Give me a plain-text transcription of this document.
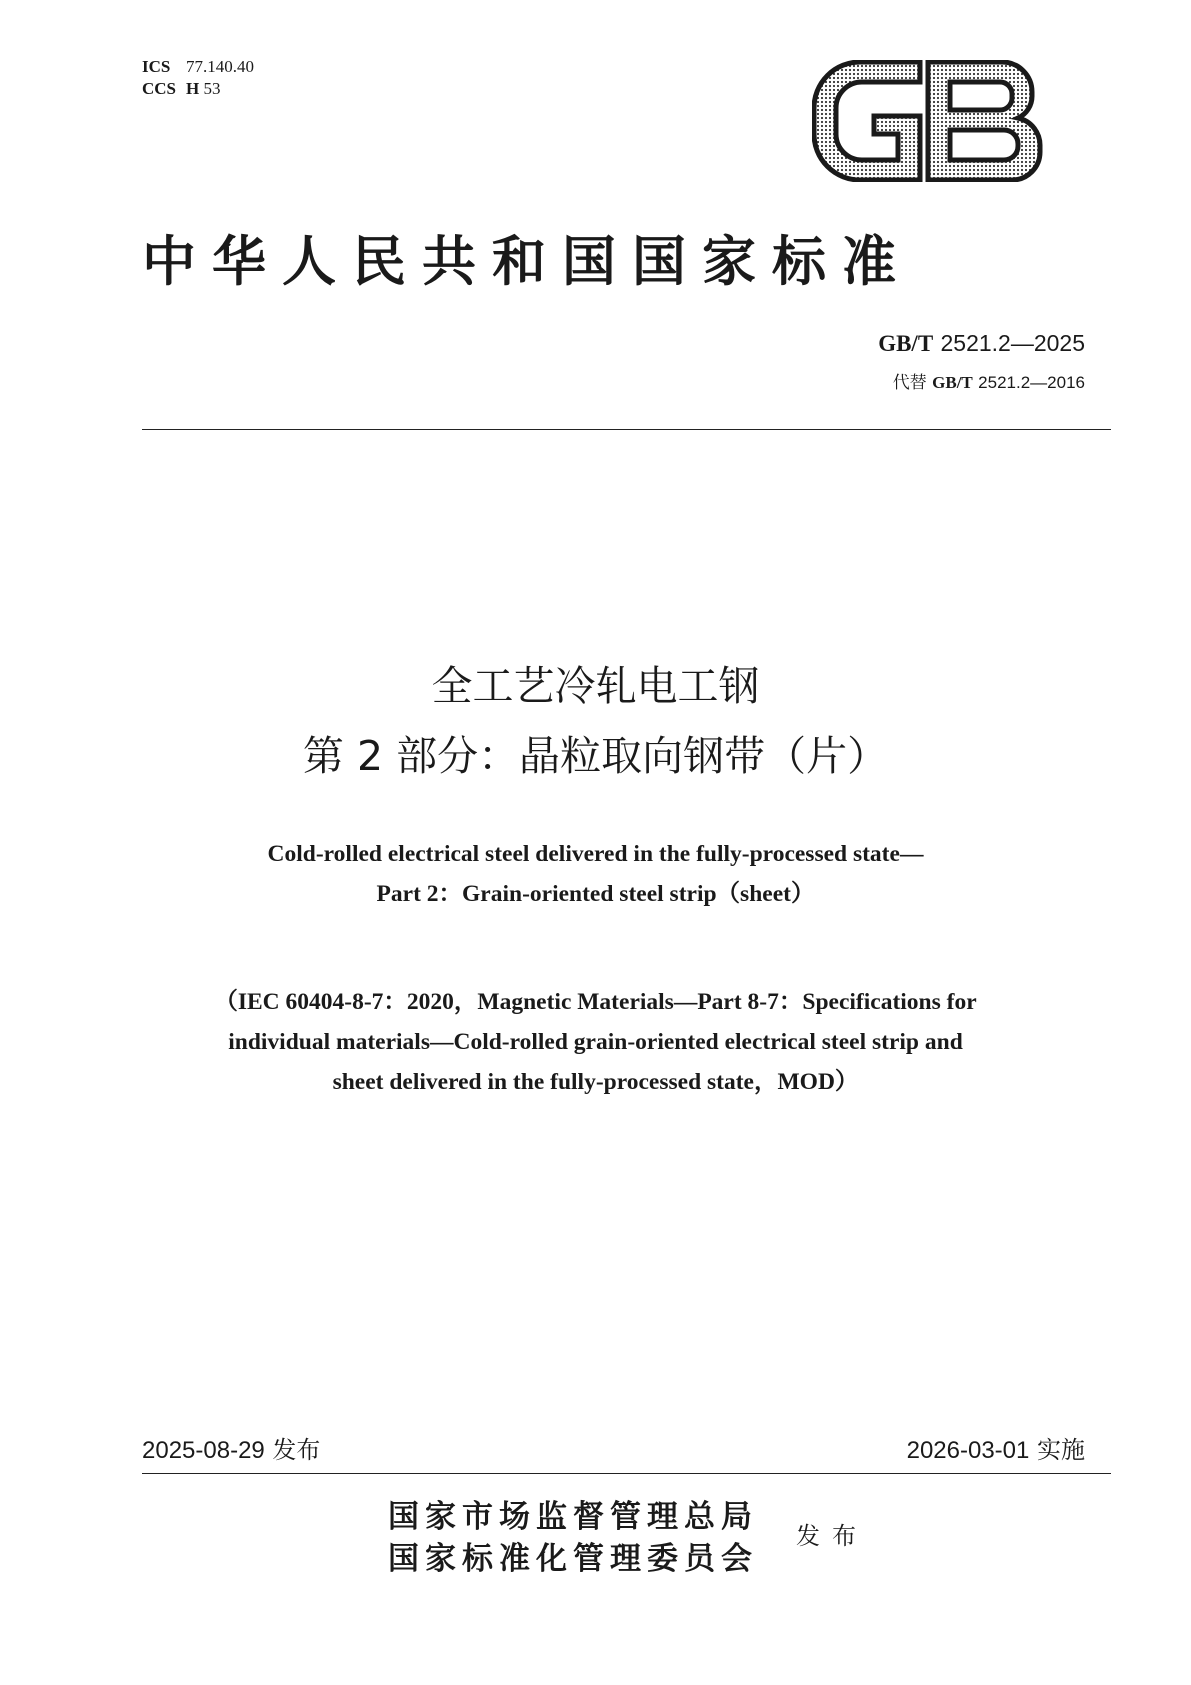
ICS 77.140.40
CCS H 53
中华人民共和国国家标准
GB/T 2521.2—2025
代替 GB/T 2521.2—2016
全工艺冷轧电工钢
第 2 部分：晶粒取向钢带（片）
Cold-rolled electrical steel delivered in the fully-processed state—
Part 2：Grain-oriented steel strip（sheet）
（IEC 60404-8-7：2020，Magnetic Materials—Part 8-7：Specifications for
individual materials—Cold-rolled grain-oriented electrical steel strip and
sheet delivered in the fully-processed state，MOD）
2025-08-29 发布	2026-03-01 实施
国家市场监督管理总局
国家标准化管理委员会
发布
